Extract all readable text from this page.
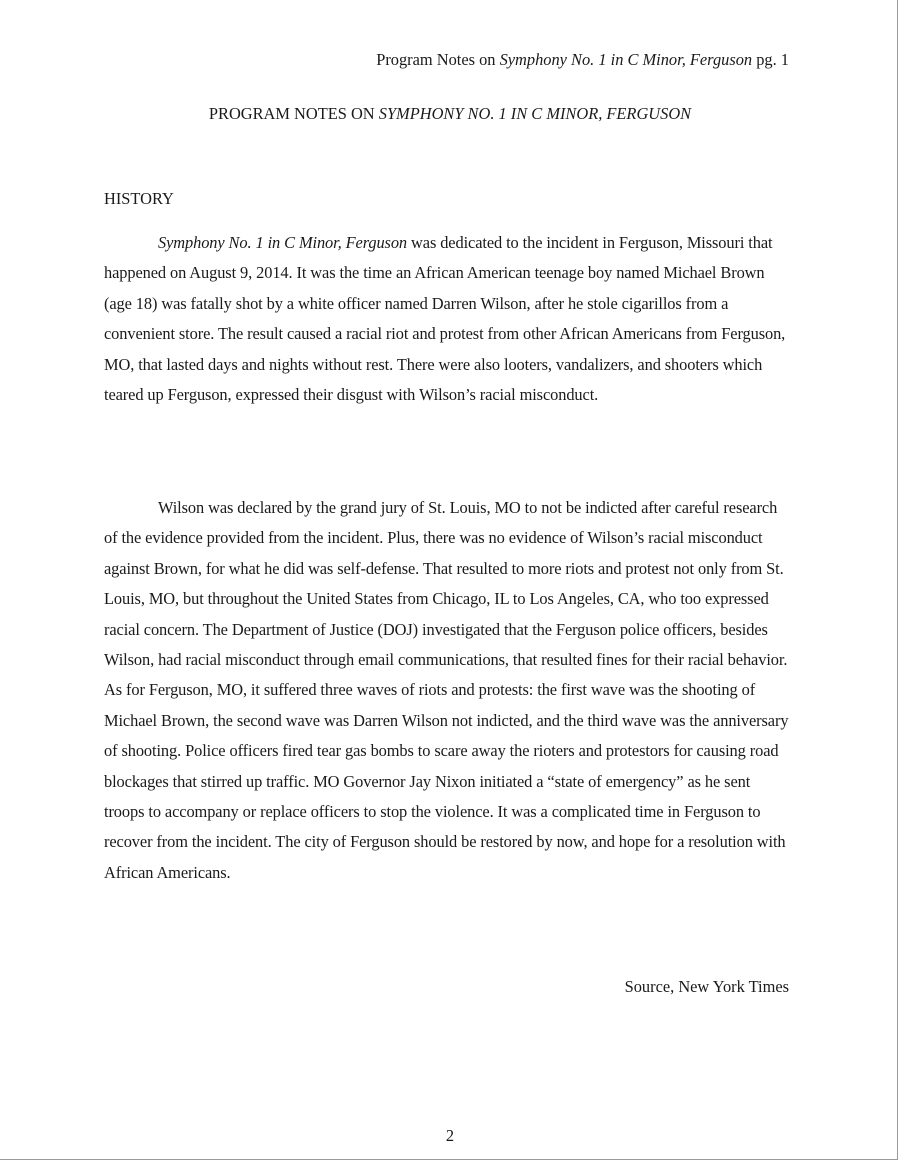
Program Notes on Symphony No. 1 in C Minor, Ferguson pg. 1
PROGRAM NOTES ON SYMPHONY NO. 1 IN C MINOR, FERGUSON
HISTORY

Symphony No. 1 in C Minor, Ferguson was dedicated to the incident in Ferguson, Missouri that happened on August 9, 2014. It was the time an African American teenage boy named Michael Brown (age 18) was fatally shot by a white officer named Darren Wilson, after he stole cigarillos from a convenient store. The result caused a racial riot and protest from other African Americans from Ferguson, MO, that lasted days and nights without rest. There were also looters, vandalizers, and shooters which teared up Ferguson, expressed their disgust with Wilson’s racial misconduct.

Wilson was declared by the grand jury of St. Louis, MO to not be indicted after careful research of the evidence provided from the incident. Plus, there was no evidence of Wilson’s racial misconduct against Brown, for what he did was self-defense. That resulted to more riots and protest not only from St. Louis, MO, but throughout the United States from Chicago, IL to Los Angeles, CA, who too expressed racial concern. The Department of Justice (DOJ) investigated that the Ferguson police officers, besides Wilson, had racial misconduct through email communications, that resulted fines for their racial behavior. As for Ferguson, MO, it suffered three waves of riots and protests: the first wave was the shooting of Michael Brown, the second wave was Darren Wilson not indicted, and the third wave was the anniversary of shooting. Police officers fired tear gas bombs to scare away the rioters and protestors for causing road blockages that stirred up traffic. MO Governor Jay Nixon initiated a “state of emergency” as he sent troops to accompany or replace officers to stop the violence. It was a complicated time in Ferguson to recover from the incident. The city of Ferguson should be restored by now, and hope for a resolution with African Americans.

Source, New York Times
2
